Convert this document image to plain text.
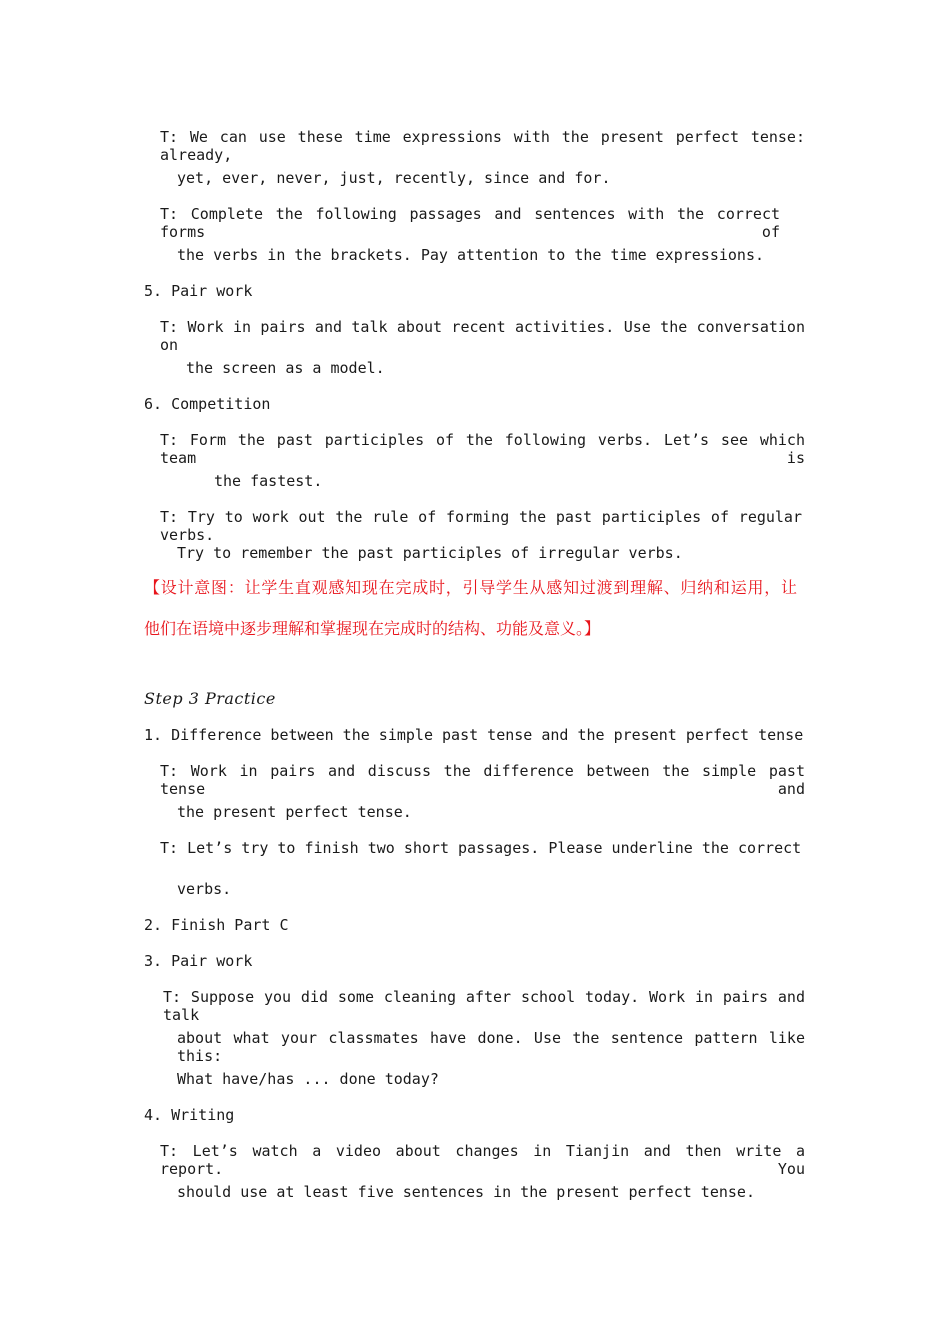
T: We can use these time expressions with the present perfect tense: already,
yet, ever, never, just, recently, since and for.
T: Complete the following passages and sentences with the correct forms of
the verbs in the brackets. Pay attention to the time expressions.
5. Pair work
T: Work in pairs and talk about recent activities. Use the conversation on
the screen as a model.
6. Competition
T: Form the past participles of the following verbs. Let’s see which team is
the fastest.
T: Try to work out the rule of forming the past participles of regular verbs.
Try to remember the past participles of irregular verbs.
【设计意图：让学生直观感知现在完成时，引导学生从感知过渡到理解、归纳和运用，让
他们在语境中逐步理解和掌握现在完成时的结构、功能及意义。】
Step 3 Practice
1. Difference between the simple past tense and the present perfect tense
T: Work in pairs and discuss the difference between the simple past tense and
the present perfect tense.
T: Let’s try to finish two short passages. Please underline the correct
verbs.
2. Finish Part C
3. Pair work
T: Suppose you did some cleaning after school today. Work in pairs and talk
about what your classmates have done. Use the sentence pattern like this:
What have/has ... done today?
4. Writing
T: Let’s watch a video about changes in Tianjin and then write a report. You
should use at least five sentences in the present perfect tense.
